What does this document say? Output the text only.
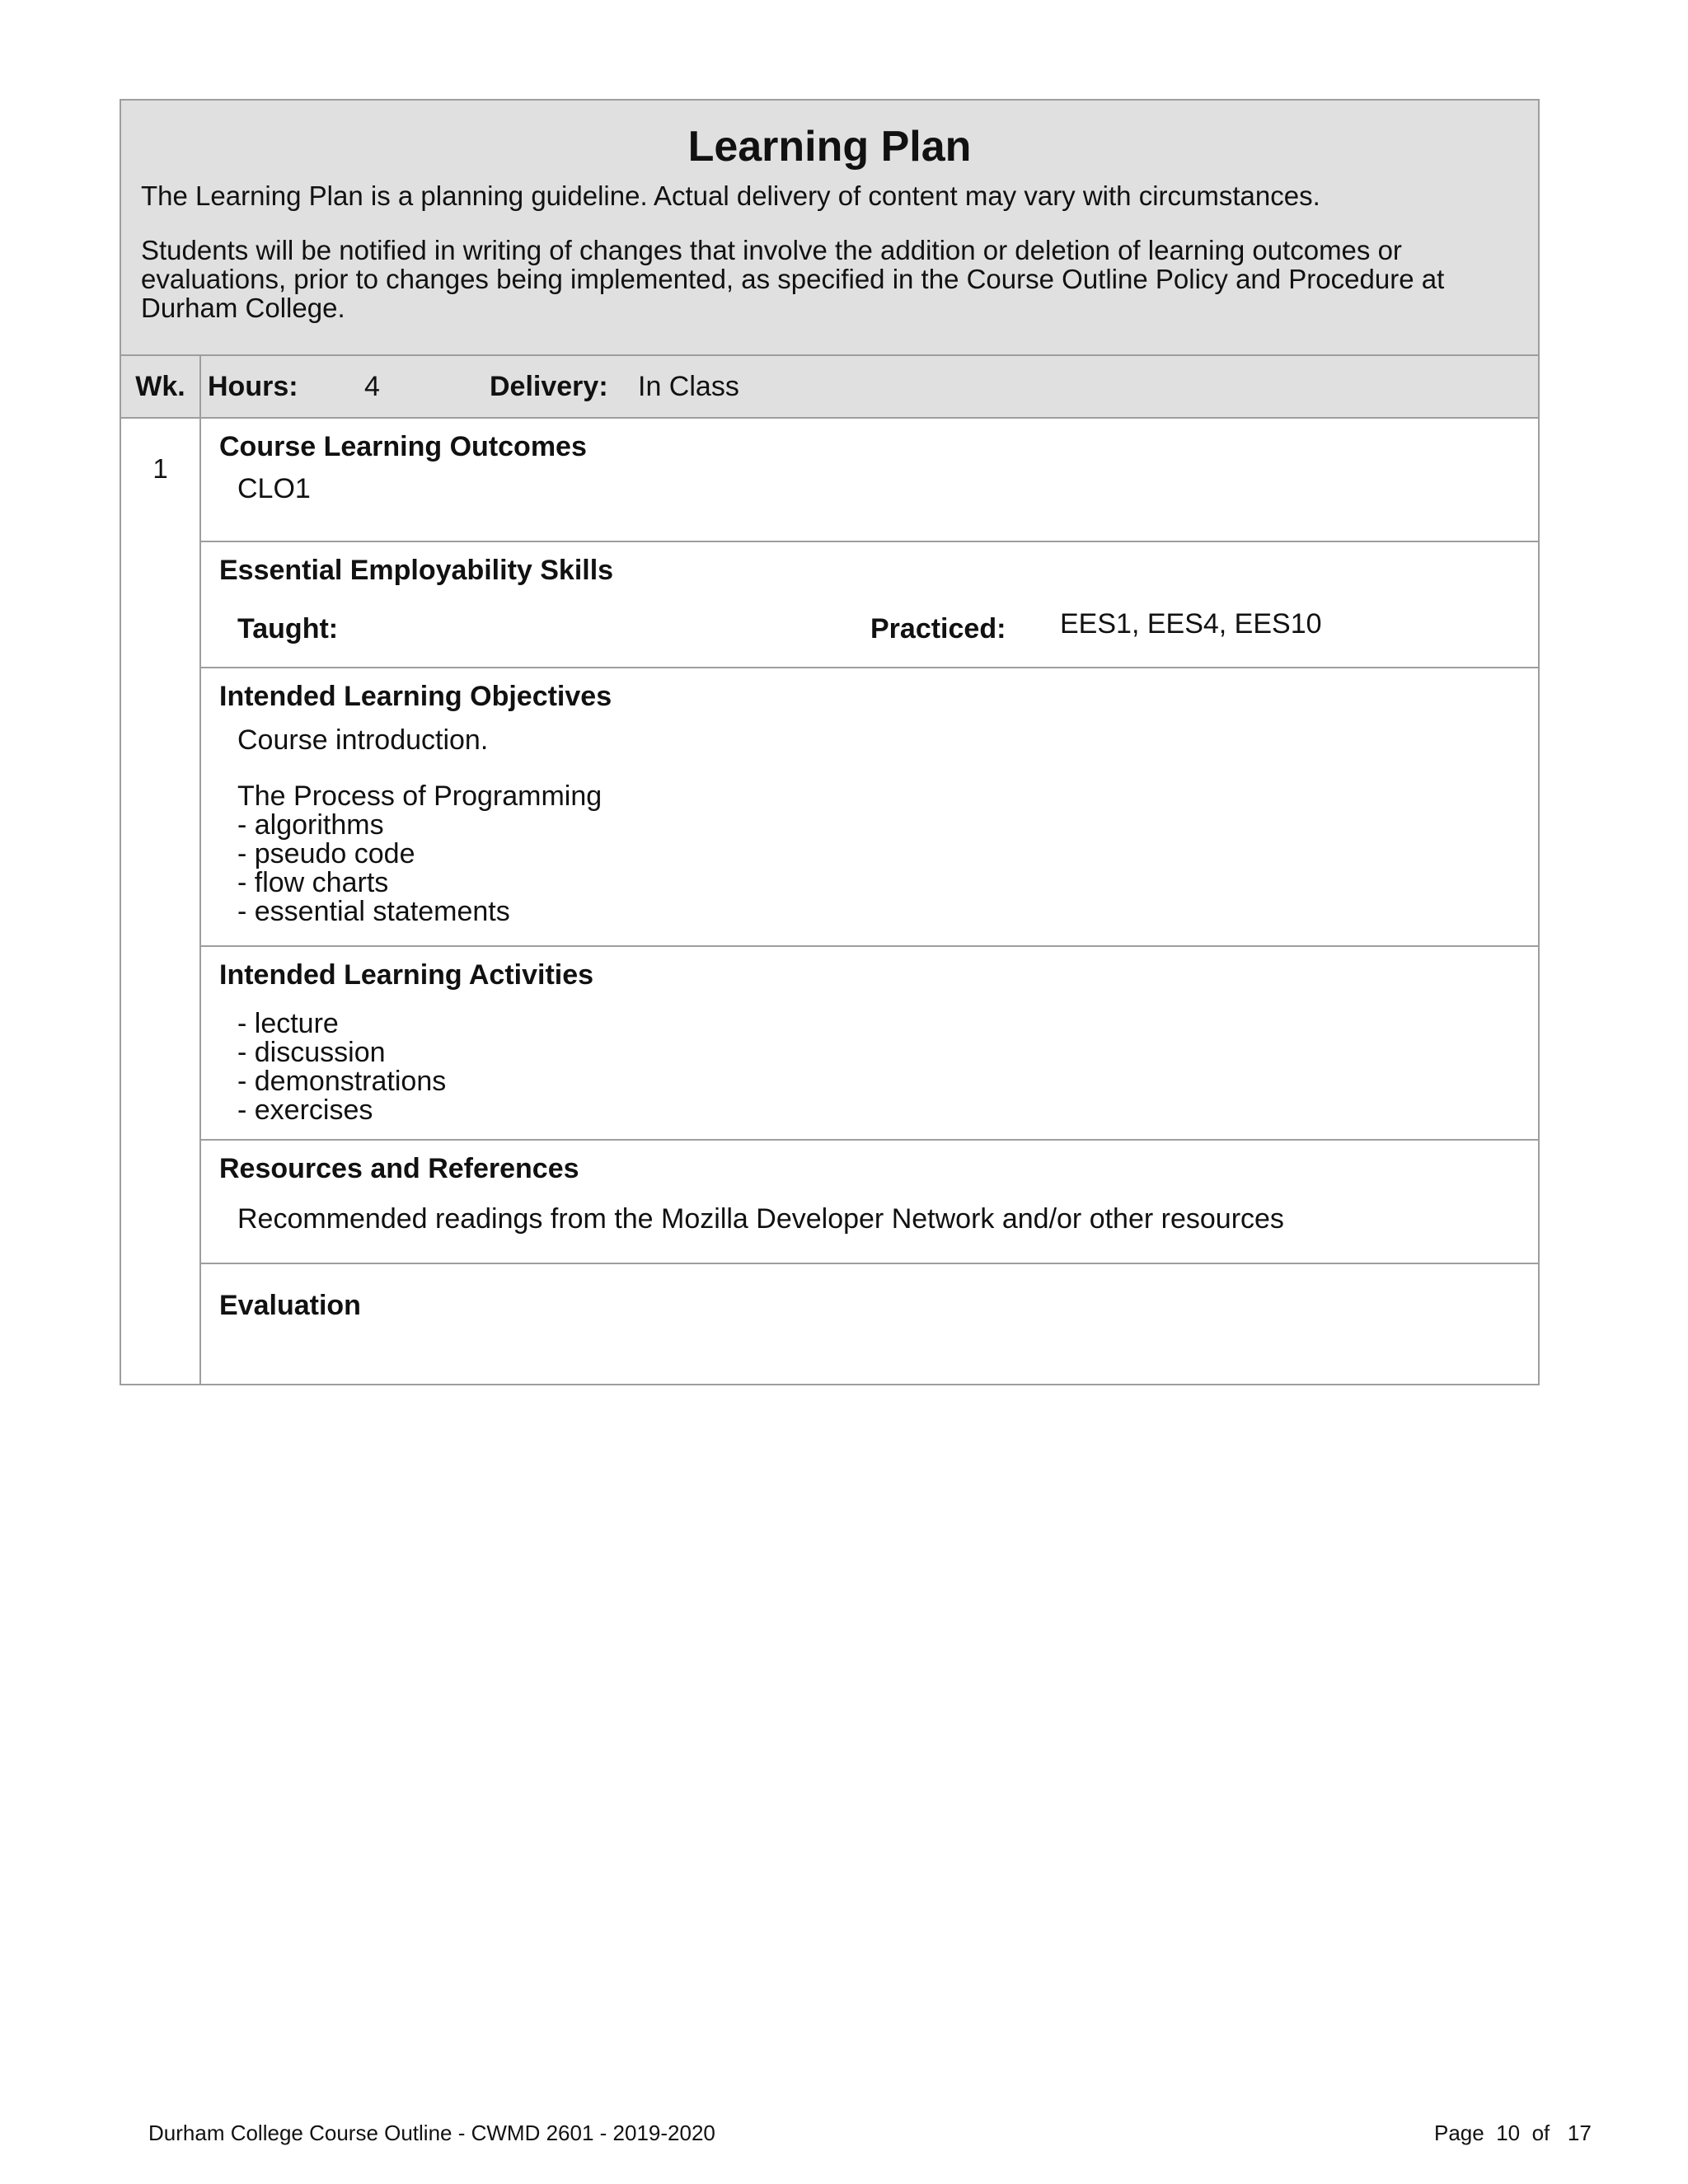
Learning Plan

The Learning Plan is a planning guideline. Actual delivery of content may vary with circumstances.

Students will be notified in writing of changes that involve the addition or deletion of learning outcomes or evaluations, prior to changes being implemented, as specified in the Course Outline Policy and Procedure at Durham College.

Wk. Hours:	4	Delivery:	In Class
1

Course Learning Outcomes

CLO1

Essential Employability Skills

Taught:	Practiced: EES1, EES4, EES10

Intended Learning Objectives

Course introduction.
The Process of Programming
- algorithms
- pseudo code
- flow charts
- essential statements

Intended Learning Activities

- lecture
- discussion
- demonstrations
- exercises

Resources and References

Recommended readings from the Mozilla Developer Network and/or other resources

Evaluation

Durham College Course Outline - CWMD 2601 - 2019-2020	Page 10 of 17
